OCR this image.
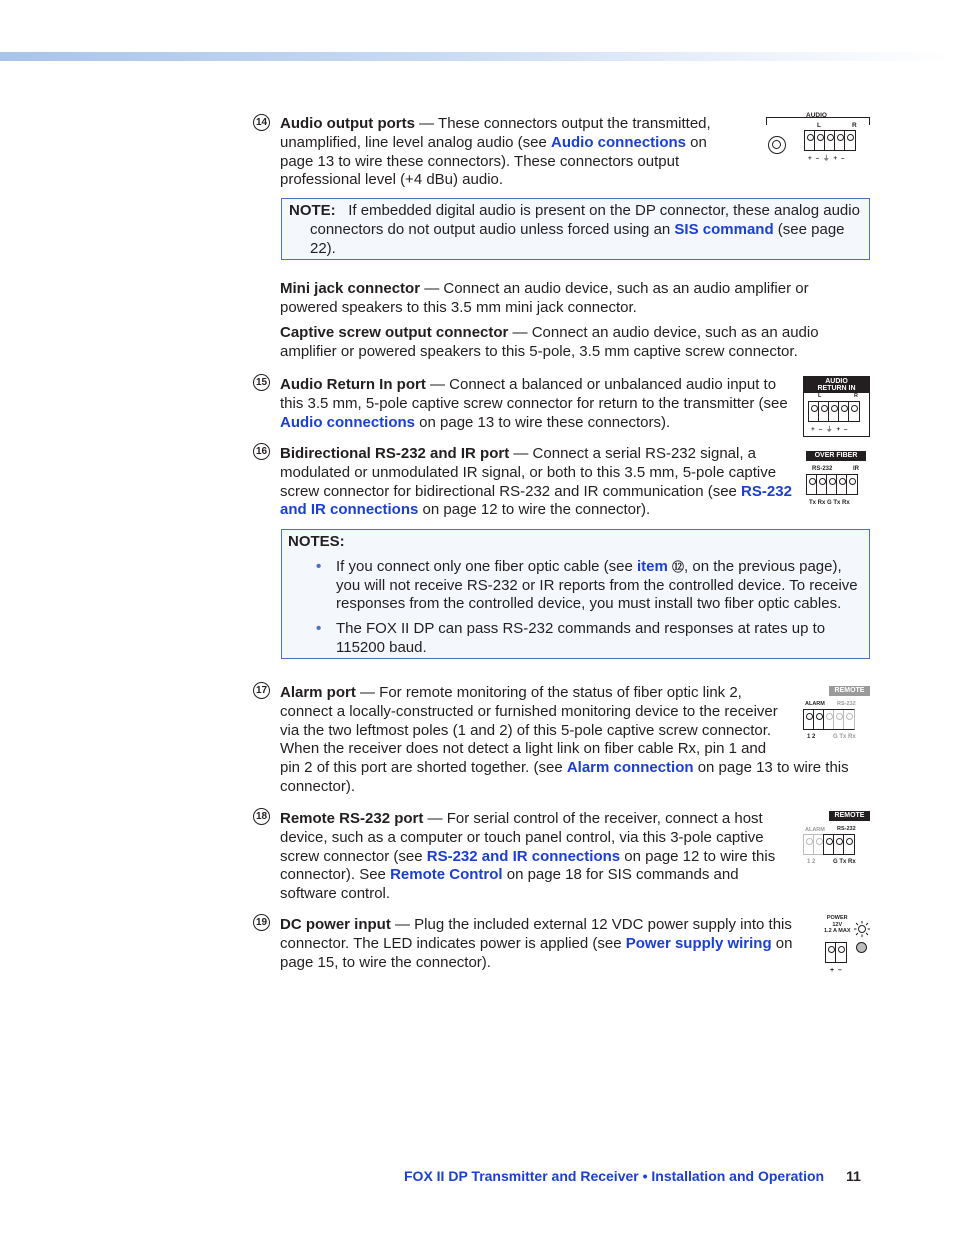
14 Audio output ports — These connectors output the transmitted, unamplified, line level analog audio (see Audio connections on page 13 to wire these connectors). These connectors output professional level (+4 dBu) audio.
AUDIO
L	R
+ – ⏚ + –
NOTE: If embedded digital audio is present on the DP connector, these analog audio connectors do not output audio unless forced using an SIS command (see page 22).
Mini jack connector — Connect an audio device, such as an audio amplifier or powered speakers to this 3.5 mm mini jack connector.
Captive screw output connector — Connect an audio device, such as an audio amplifier or powered speakers to this 5-pole, 3.5 mm captive screw connector.
15 Audio Return In port — Connect a balanced or unbalanced audio input to this 3.5 mm, 5-pole captive screw connector for return to the transmitter (see Audio connections on page 13 to wire these connectors).
AUDIO
RETURN IN
L	R
+ – ⏚ + –
16 Bidirectional RS-232 and IR port — Connect a serial RS-232 signal, a modulated or unmodulated IR signal, or both to this 3.5 mm, 5-pole captive screw connector for bidirectional RS-232 and IR communication (see RS-232 and IR connections on page 12 to wire the connector).
OVER FIBER
RS-232	IR
Tx Rx G Tx Rx
NOTES:
• If you connect only one fiber optic cable (see item ⑫, on the previous page), you will not receive RS-232 or IR reports from the controlled device. To receive responses from the controlled device, you must install two fiber optic cables.
• The FOX II DP can pass RS-232 commands and responses at rates up to 115200 baud.
17 Alarm port — For remote monitoring of the status of fiber optic link 2, connect a locally-constructed or furnished monitoring device to the receiver via the two leftmost poles (1 and 2) of this 5-pole captive screw connector. When the receiver does not detect a light link on fiber cable Rx, pin 1 and pin 2 of this port are shorted together. (see Alarm connection on page 13 to wire this connector).
REMOTE
ALARM RS-232
1 2	G Tx Rx
18 Remote RS-232 port — For serial control of the receiver, connect a host device, such as a computer or touch panel control, via this 3-pole captive screw connector (see RS-232 and IR connections on page 12 to wire this connector). See Remote Control on page 18 for SIS commands and software control.
REMOTE
ALARM RS-232
1 2	G Tx Rx
19 DC power input — Plug the included external 12 VDC power supply into this connector. The LED indicates power is applied (see Power supply wiring on page 15, to wire the connector).
POWER
12V
1.2 A MAX
+ –
FOX II DP Transmitter and Receiver • Installation and Operation 11
